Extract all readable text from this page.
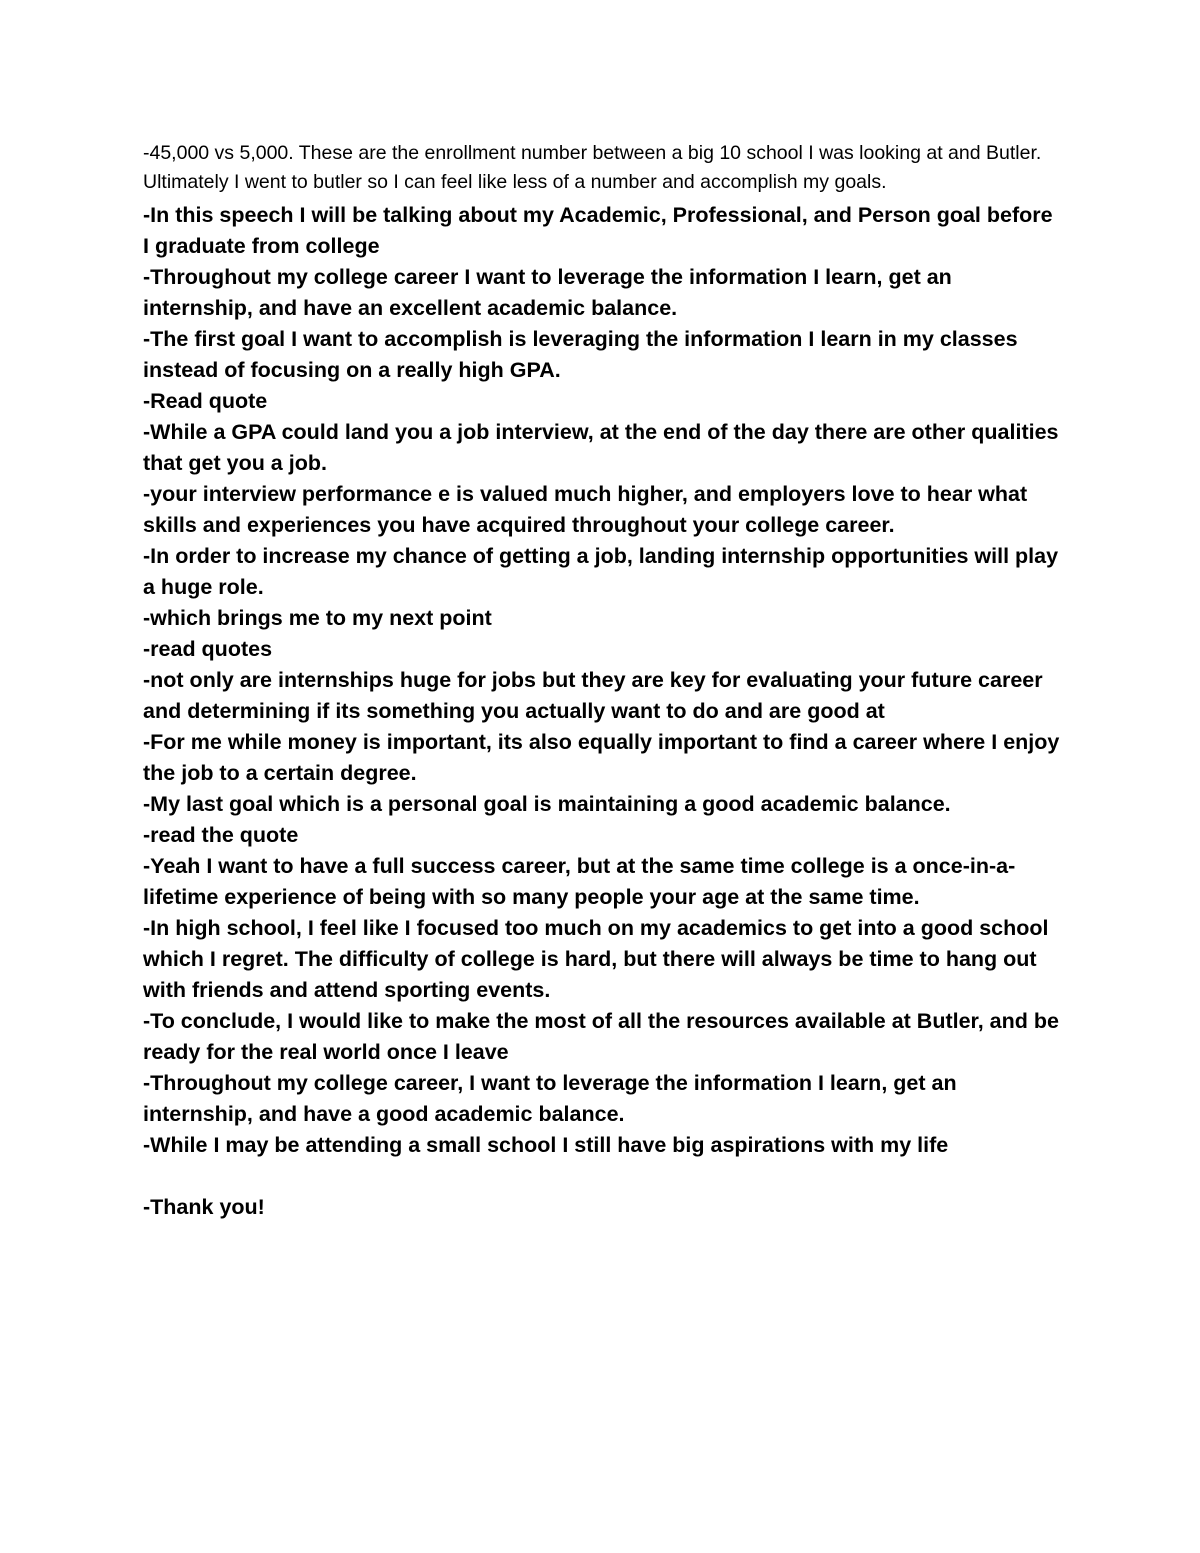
-45,000 vs 5,000. These are the enrollment number between a big 10 school I was looking at and Butler. Ultimately I went to butler so I can feel like less of a number and accomplish my goals.

-In this speech I will be talking about my Academic, Professional, and Person goal before I graduate from college

-Throughout my college career I want to leverage the information I learn, get an internship, and have an excellent academic balance.

-The first goal I want to accomplish is leveraging the information I learn in my classes instead of focusing on a really high GPA.

-Read quote

-While a GPA could land you a job interview, at the end of the day there are other qualities that get you a job.

-your interview performance e is valued much higher, and employers love to hear what skills and experiences you have acquired throughout your college career.

-In order to increase my chance of getting a job, landing internship opportunities will play a huge role.

-which brings me to my next point

-read quotes

-not only are internships huge for jobs but they are key for evaluating your future career and determining if its something you actually want to do and are good at

-For me while money is important, its also equally important to find a career where I enjoy the job to a certain degree.

-My last goal which is a personal goal is maintaining a good academic balance.

-read the quote

-Yeah I want to have a full success career, but at the same time college is a once-in-a-lifetime experience of being with so many people your age at the same time.

-In high school, I feel like I focused too much on my academics to get into a good school which I regret. The difficulty of college is hard, but there will always be time to hang out with friends and attend sporting events.

-To conclude, I would like to make the most of all the resources available at Butler, and be ready for the real world once I leave

-Throughout my college career, I want to leverage the information I learn, get an internship, and have a good academic balance.

-While I may be attending a small school I still have big aspirations with my life

-Thank you!
